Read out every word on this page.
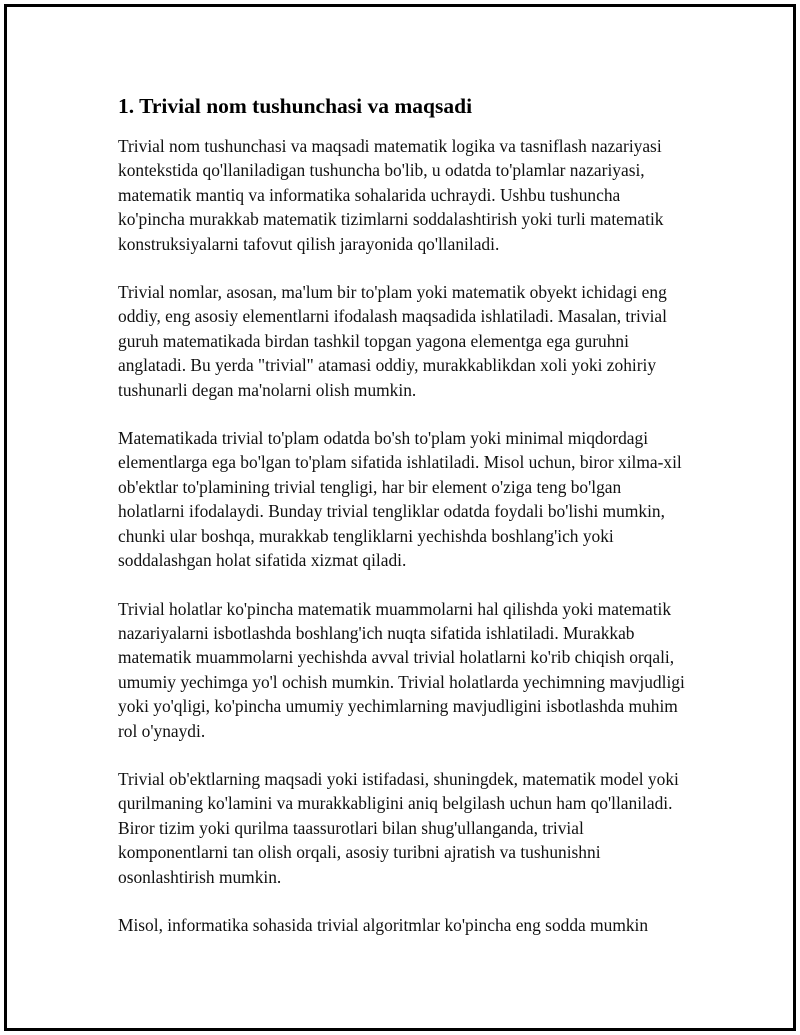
1. Trivial nom tushunchasi va maqsadi

Trivial nom tushunchasi va maqsadi matematik logika va tasniflash nazariyasi kontekstida qo'llaniladigan tushuncha bo'lib, u odatda to'plamlar nazariyasi, matematik mantiq va informatika sohalarida uchraydi. Ushbu tushuncha ko'pincha murakkab matematik tizimlarni soddalashtirish yoki turli matematik konstruksiyalarni tafovut qilish jarayonida qo'llaniladi.

Trivial nomlar, asosan, ma'lum bir to'plam yoki matematik obyekt ichidagi eng oddiy, eng asosiy elementlarni ifodalash maqsadida ishlatiladi. Masalan, trivial guruh matematikada birdan tashkil topgan yagona elementga ega guruhni anglatadi. Bu yerda "trivial" atamasi oddiy, murakkablikdan xoli yoki zohiriy tushunarli degan ma'nolarni olish mumkin.

Matematikada trivial to'plam odatda bo'sh to'plam yoki minimal miqdordagi elementlarga ega bo'lgan to'plam sifatida ishlatiladi. Misol uchun, biror xilma-xil ob'ektlar to'plamining trivial tengligi, har bir element o'ziga teng bo'lgan holatlarni ifodalaydi. Bunday trivial tengliklar odatda foydali bo'lishi mumkin, chunki ular boshqa, murakkab tengliklarni yechishda boshlang'ich yoki soddalashgan holat sifatida xizmat qiladi.

Trivial holatlar ko'pincha matematik muammolarni hal qilishda yoki matematik nazariyalarni isbotlashda boshlang'ich nuqta sifatida ishlatiladi. Murakkab matematik muammolarni yechishda avval trivial holatlarni ko'rib chiqish orqali, umumiy yechimga yo'l ochish mumkin. Trivial holatlarda yechimning mavjudligi yoki yo'qligi, ko'pincha umumiy yechimlarning mavjudligini isbotlashda muhim rol o'ynaydi.

Trivial ob'ektlarning maqsadi yoki istifadasi, shuningdek, matematik model yoki qurilmaning ko'lamini va murakkabligini aniq belgilash uchun ham qo'llaniladi. Biror tizim yoki qurilma taassurotlari bilan shug'ullanganda, trivial komponentlarni tan olish orqali, asosiy turibni ajratish va tushunishni osonlashtirish mumkin.

Misol, informatika sohasida trivial algoritmlar ko'pincha eng sodda mumkin
